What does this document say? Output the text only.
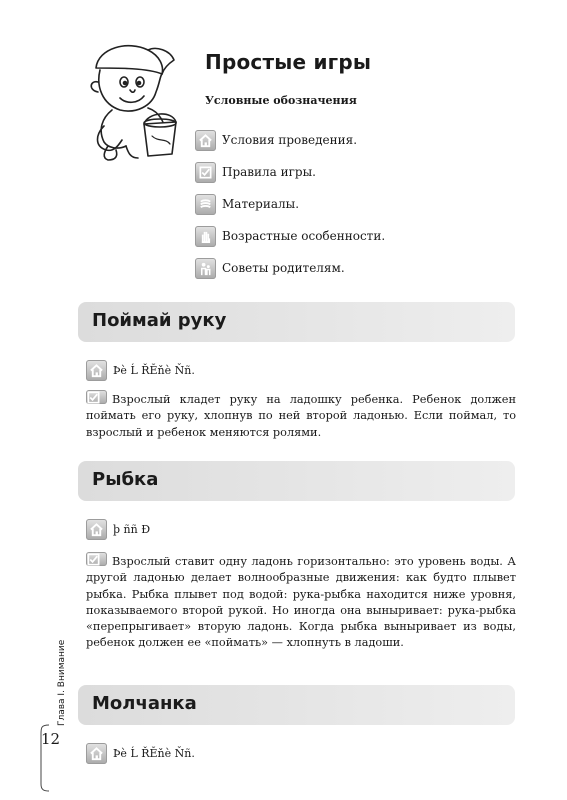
Простые игры
Условные обозначения
Условия проведения.
Правила игры.
Материалы.
Возрастные особенности.
Советы родителям.
Поймай руку
Þè Ĺ ŘĔňè Ňñ.
Взрослый кладет руку на ладошку ребенка. Ребенок должен поймать его руку, хлопнув по ней второй ладонью. Если поймал, то взрослый и ребенок меняются ролями.
Рыбка
þ ññ Ð
Взрослый ставит одну ладонь горизонтально: это уровень воды. А другой ладонью делает волнообразные движения: как будто плывет рыбка. Рыбка плывет под водой: рука-рыбка находится ниже уровня, показываемого второй рукой. Но иногда она выныривает: рука-рыбка «перепрыгивает» вторую ладонь. Когда рыбка выныривает из воды, ребенок должен ее «поймать» — хлопнуть в ладоши.
Молчанка
Þè Ĺ ŘĔňè Ňñ.
12
Глава I. Внимание
